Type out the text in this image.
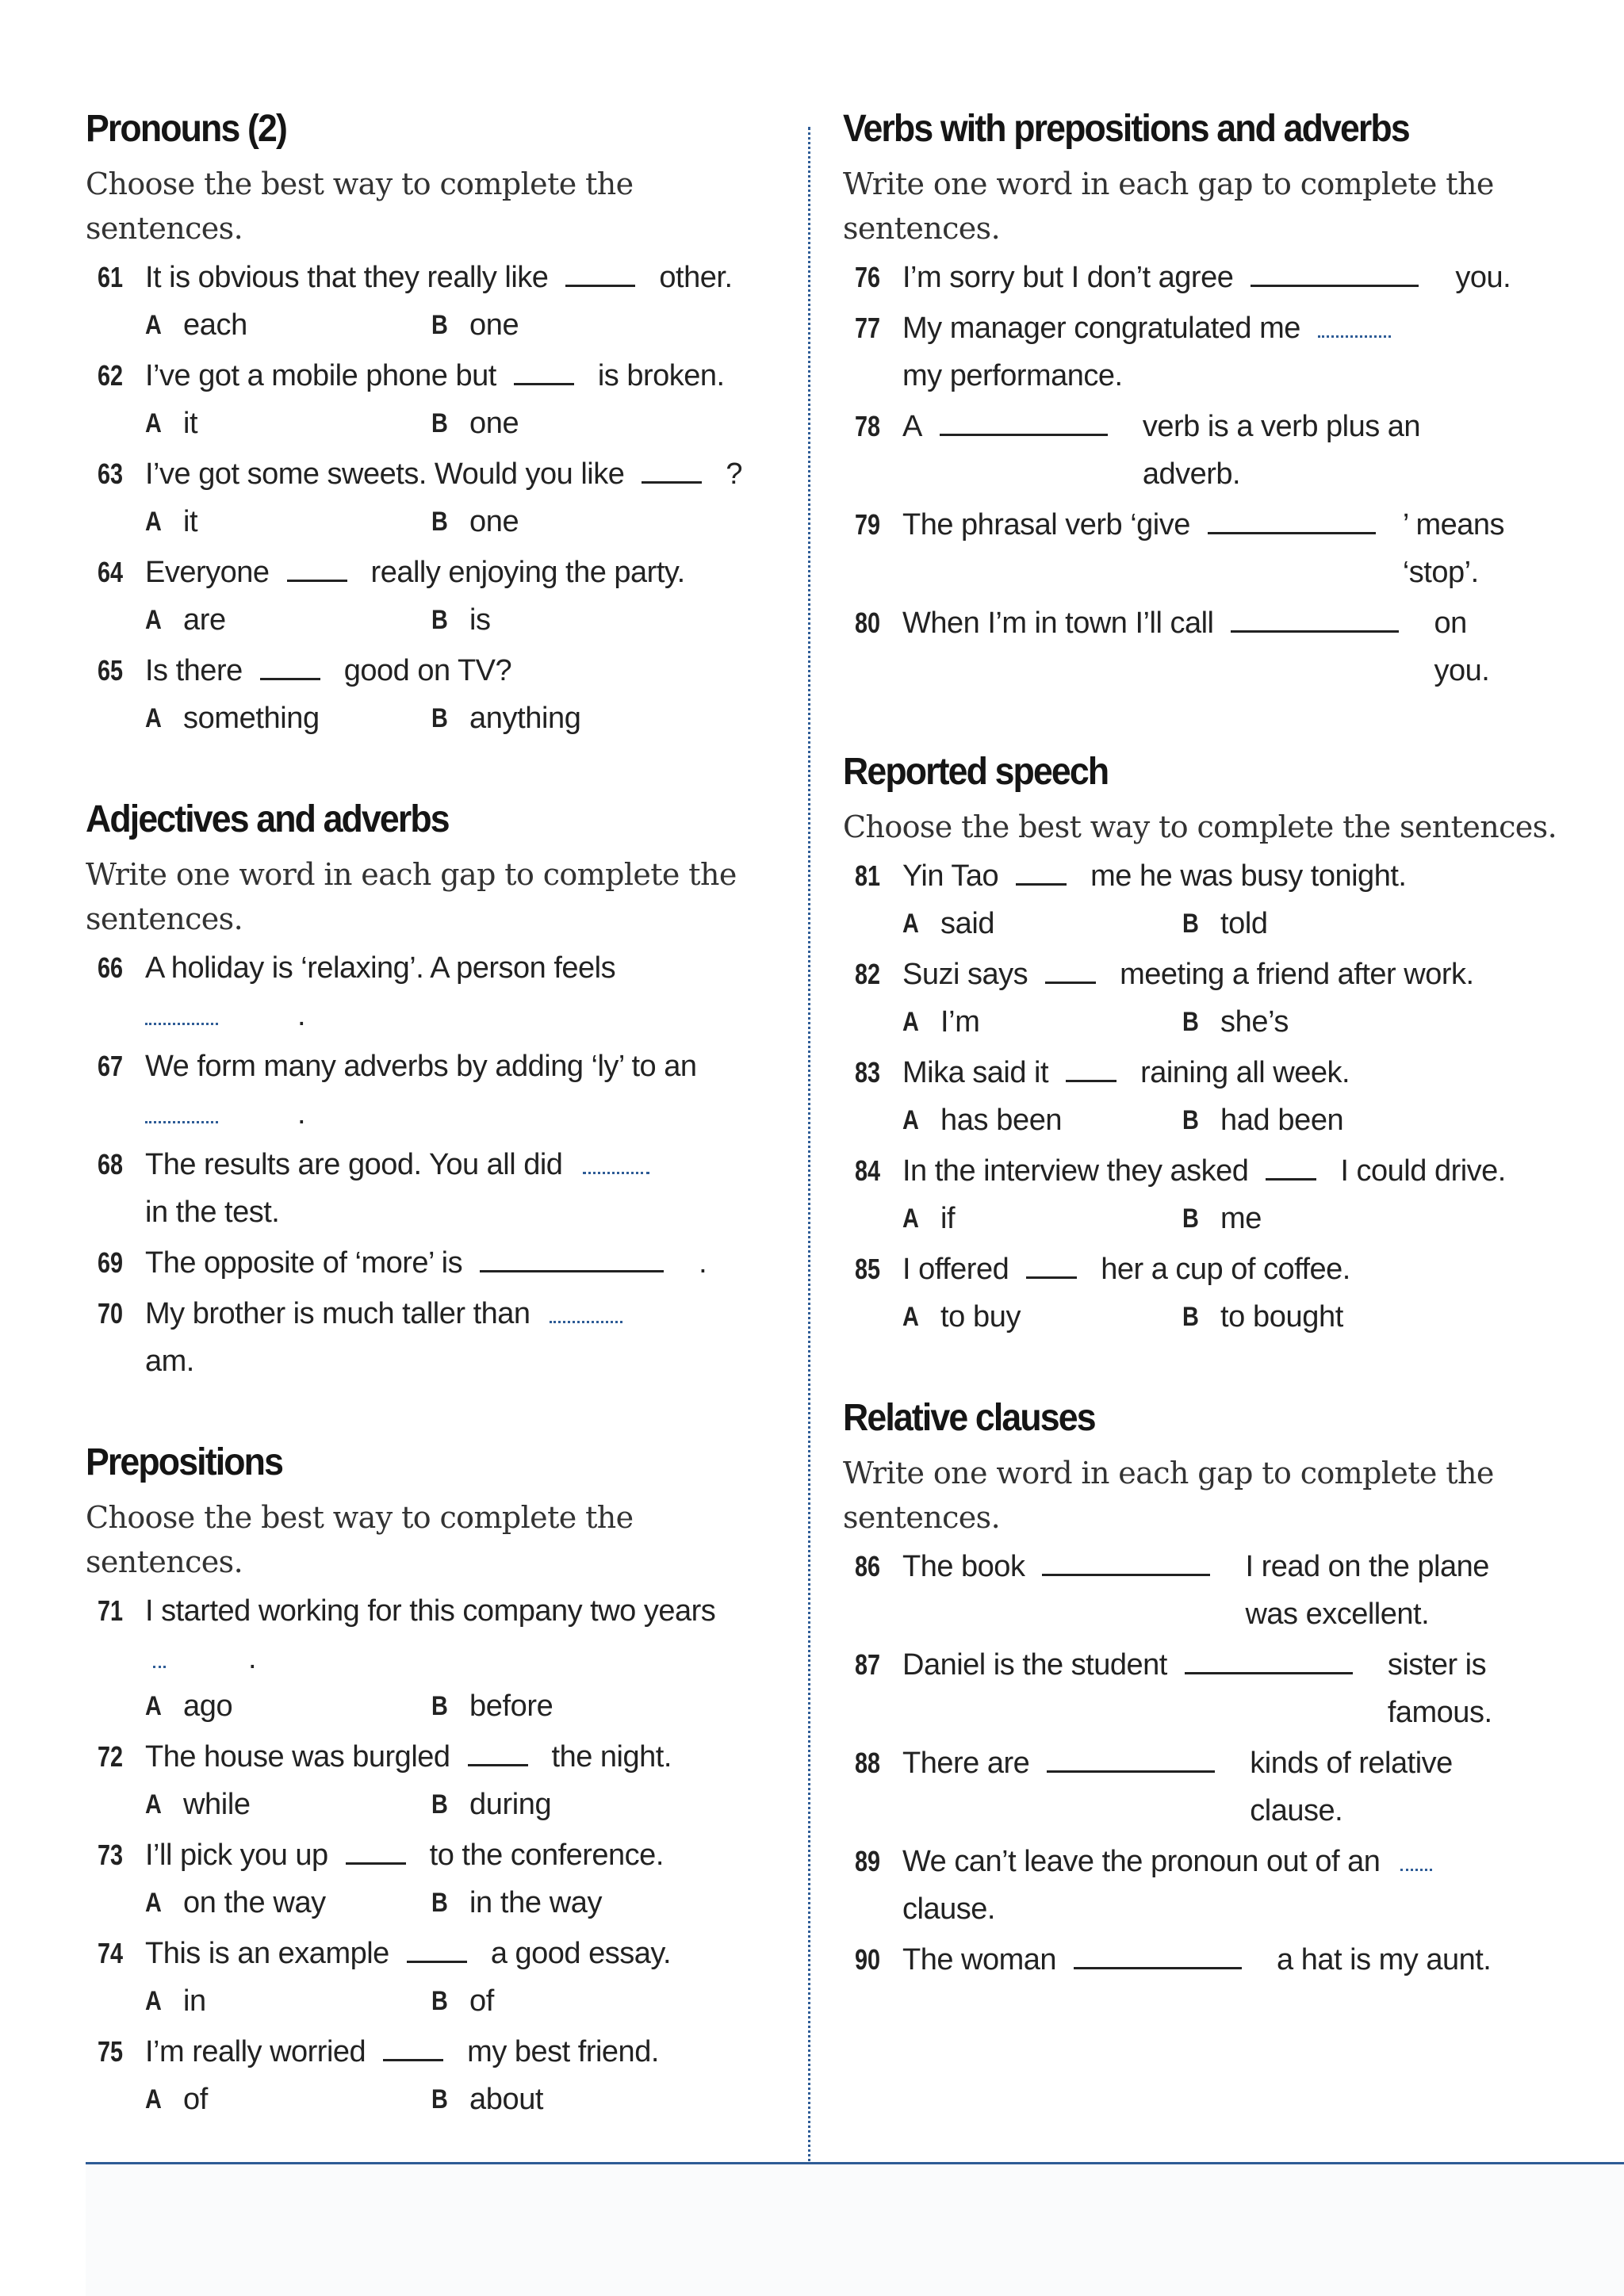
Pronouns (2)
Choose the best way to complete the sentences.
61 It is obvious that they really like	other.
A each	B one
62 I’ve got a mobile phone but	is broken.
A it	B one
63 I’ve got some sweets. Would you like	?
A it	B one
64 Everyone	really enjoying the party.
A are	B is
65 Is there	good on TV?
A something	B anything
Adjectives and adverbs
Write one word in each gap to complete the sentences.
66 A holiday is ‘relaxing’. A person feels
.
67 We form many adverbs by adding ‘ly’ to an
.
68 The results are good. You all did
in the test.
69 The opposite of ‘more’ is	.
70 My brother is much taller than
am.
Prepositions
Choose the best way to complete the sentences.
71 I started working for this company two years
.
A ago	B before
72 The house was burgled	the night.
A while	B during
73 I’ll pick you up	to the conference.
A on the way	B in the way
74 This is an example	a good essay.
A in	B of
75 I’m really worried	my best friend.
A of	B about
Verbs with prepositions and adverbs
Write one word in each gap to complete the sentences.
76 I’m sorry but I don’t agree	you.
77 My manager congratulated me
my performance.
78 A	verb is a verb plus an adverb.
79 The phrasal verb ‘give	’ means ‘stop’.
80 When I’m in town I’ll call	on you.
Reported speech
Choose the best way to complete the sentences.
81 Yin Tao	me he was busy tonight.
A said	B told
82 Suzi says	meeting a friend after work.
A I’m	B she’s
83 Mika said it	raining all week.
A has been	B had been
84 In the interview they asked	I could drive.
A if	B me
85 I offered	her a cup of coffee.
A to buy	B to bought
Relative clauses
Write one word in each gap to complete the sentences.
86 The book	I read on the plane was excellent.
87 Daniel is the student	sister is famous.
88 There are	kinds of relative clause.
89 We can’t leave the pronoun out of an
clause.
90 The woman	a hat is my aunt.
